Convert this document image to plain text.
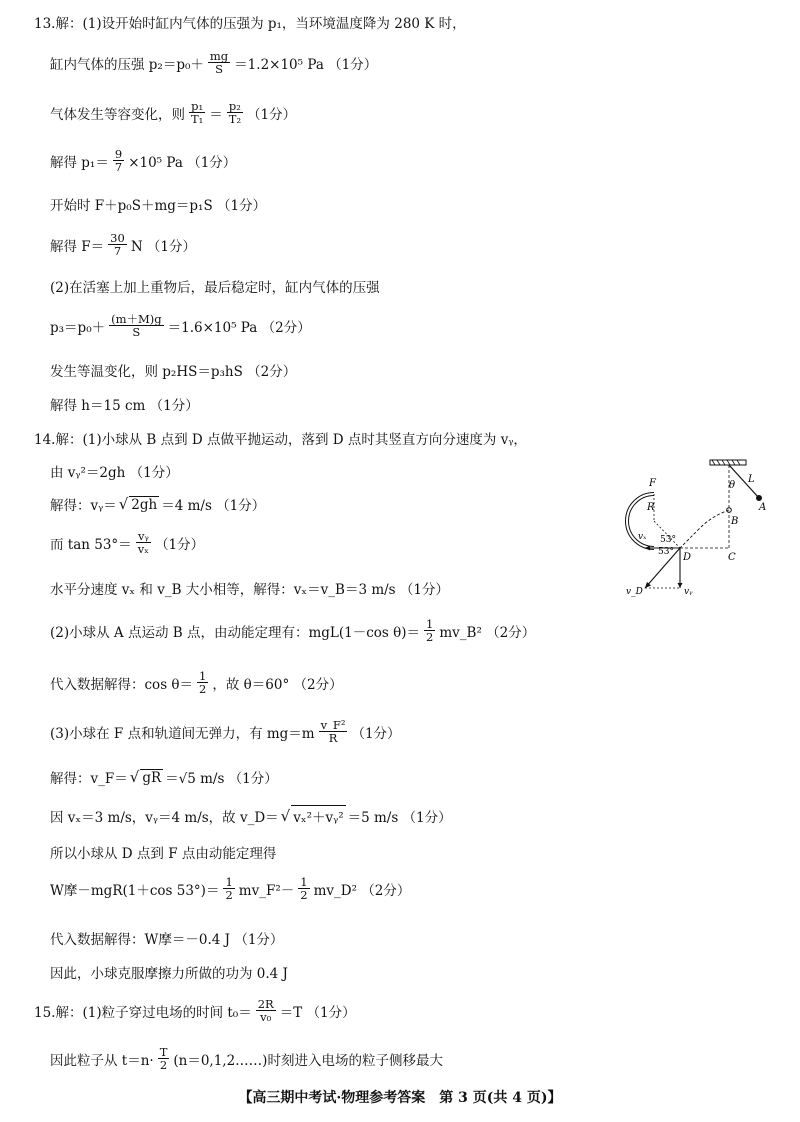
13.解：(1)设开始时缸内气体的压强为 p₁，当环境温度降为 280 K 时，
缸内气体的压强 p₂＝p₀＋
mg
S ＝1.2×10⁵ Pa （1分）
气体发生等容变化，则
p₁
T₁ ＝
p₂
T₂ （1分）
解得 $p_1= \frac{9}{7} \times 10^5$ Pa （1分）
开始时 F＋p₀S＋mg＝p₁S （1分）
解得 F＝
30
7 N （1分）
(2)在活塞上加上重物后，最后稳定时，缸内气体的压强
p₃＝p₀＋
(m＋M)g
S ＝1.6×10⁵ Pa （2分）
发生等温变化，则 p₂HS＝p₃hS （2分）
解得 h＝15 cm （1分）
14.解：(1)小球从 B 点到 D 点做平抛运动，落到 D 点时其竖直方向分速度为 vᵧ，
由 vᵧ²＝2gh （1分）
解得：vᵧ＝ √ 2gh ＝4 m/s （1分）
而 tan 53°＝
vᵧ
vₓ （1分）
水平分速度 vₓ 和 v_B 大小相等，解得：vₓ＝v_B＝3 m/s （1分）
(2)小球从 A 点运动 B 点，由动能定理有：mgL(1－cos θ)＝
1
2 mv_B² （2分）
代入数据解得：cos θ＝
1
2 ，故 θ＝60° （2分）
(3)小球在 F 点和轨道间无弹力，有 mg＝m
v_F²
R （1分）
解得：v_F＝ √ gR ＝√5 m/s （1分）
因 vₓ＝3 m/s，vᵧ＝4 m/s，故 v_D＝ √ vₓ²＋vᵧ² ＝5 m/s （1分）
所以小球从 D 点到 F 点由动能定理得
W摩－mgR(1＋cos 53°)＝
1
2 mv_F²－
1
2 mv_D² （2分）
代入数据解得：W摩＝－0.4 J （1分）
因此，小球克服摩擦力所做的功为 0.4 J
15.解：(1)粒子穿过电场的时间 t₀＝
2R
v₀ ＝T （1分）
因此粒子从 t＝n·
T
2 (n＝0,1,2……)时刻进入电场的粒子侧移最大
F
R
L
θ
A
B
C
D
53°
53°
vₓ
vᵧ
v_D
【高三期中考试·物理参考答案　第 3 页(共 4 页)】
